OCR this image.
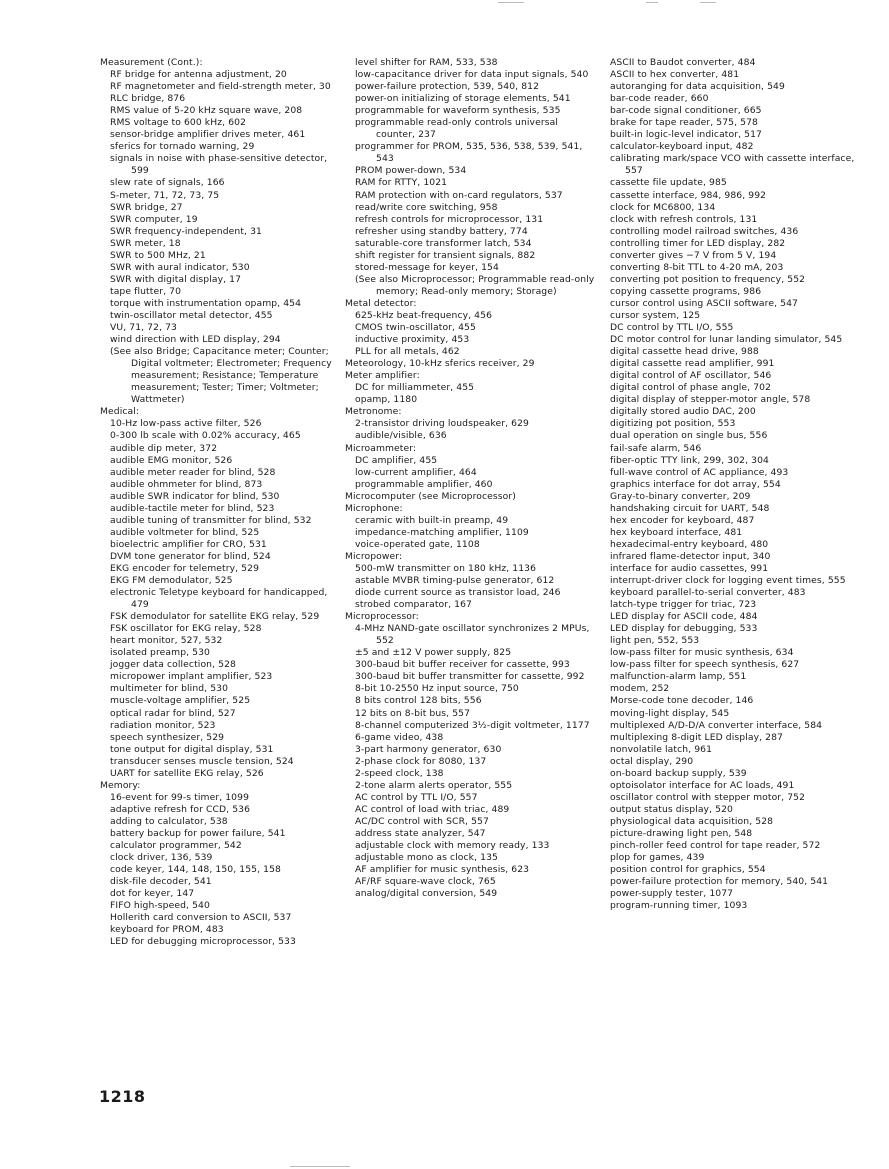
Measurement (Cont.):
RF bridge for antenna adjustment, 20
RF magnetometer and field-strength meter, 30
RLC bridge, 876
RMS value of 5-20 kHz square wave, 208
RMS voltage to 600 kHz, 602
sensor-bridge amplifier drives meter, 461
sferics for tornado warning, 29
signals in noise with phase-sensitive detector, 599
slew rate of signals, 166
S-meter, 71, 72, 73, 75
SWR bridge, 27
SWR computer, 19
SWR frequency-independent, 31
SWR meter, 18
SWR to 500 MHz, 21
SWR with aural indicator, 530
SWR with digital display, 17
tape flutter, 70
torque with instrumentation opamp, 454
twin-oscillator metal detector, 455
VU, 71, 72, 73
wind direction with LED display, 294
(See also Bridge; Capacitance meter; Counter; Digital voltmeter; Electrometer; Frequency measurement; Resistance; Temperature measurement; Tester; Timer; Voltmeter; Wattmeter)
Medical:
10-Hz low-pass active filter, 526
0-300 lb scale with 0.02% accuracy, 465
audible dip meter, 372
audible EMG monitor, 526
audible meter reader for blind, 528
audible ohmmeter for blind, 873
audible SWR indicator for blind, 530
audible-tactile meter for blind, 523
audible tuning of transmitter for blind, 532
audible voltmeter for blind, 525
bioelectric amplifier for CRO, 531
DVM tone generator for blind, 524
EKG encoder for telemetry, 529
EKG FM demodulator, 525
electronic Teletype keyboard for handicapped, 479
FSK demodulator for satellite EKG relay, 529
FSK oscillator for EKG relay, 528
heart monitor, 527, 532
isolated preamp, 530
jogger data collection, 528
micropower implant amplifier, 523
multimeter for blind, 530
muscle-voltage amplifier, 525
optical radar for blind, 527
radiation monitor, 523
speech synthesizer, 529
tone output for digital display, 531
transducer senses muscle tension, 524
UART for satellite EKG relay, 526
Memory:
16-event for 99-s timer, 1099
adaptive refresh for CCD, 536
adding to calculator, 538
battery backup for power failure, 541
calculator programmer, 542
clock driver, 136, 539
code keyer, 144, 148, 150, 155, 158
disk-file decoder, 541
dot for keyer, 147
FIFO high-speed, 540
Hollerith card conversion to ASCII, 537
keyboard for PROM, 483
LED for debugging microprocessor, 533
level shifter for RAM, 533, 538
low-capacitance driver for data input signals, 540
power-failure protection, 539, 540, 812
power-on initializing of storage elements, 541
programmable for waveform synthesis, 535
programmable read-only controls universal counter, 237
programmer for PROM, 535, 536, 538, 539, 541, 543
PROM power-down, 534
RAM for RTTY, 1021
RAM protection with on-card regulators, 537
read/write core switching, 958
refresh controls for microprocessor, 131
refresher using standby battery, 774
saturable-core transformer latch, 534
shift register for transient signals, 882
stored-message for keyer, 154
(See also Microprocessor; Programmable read-only memory; Read-only memory; Storage)
Metal detector:
625-kHz beat-frequency, 456
CMOS twin-oscillator, 455
inductive proximity, 453
PLL for all metals, 462
Meteorology, 10-kHz sferics receiver, 29
Meter amplifier:
DC for milliammeter, 455
opamp, 1180
Metronome:
2-transistor driving loudspeaker, 629
audible/visible, 636
Microammeter:
DC amplifier, 455
low-current amplifier, 464
programmable amplifier, 460
Microcomputer (see Microprocessor)
Microphone:
ceramic with built-in preamp, 49
impedance-matching amplifier, 1109
voice-operated gate, 1108
Micropower:
500-mW transmitter on 180 kHz, 1136
astable MVBR timing-pulse generator, 612
diode current source as transistor load, 246
strobed comparator, 167
Microprocessor:
4-MHz NAND-gate oscillator synchronizes 2 MPUs, 552
±5 and ±12 V power supply, 825
300-baud bit buffer receiver for cassette, 993
300-baud bit buffer transmitter for cassette, 992
8-bit 10-2550 Hz input source, 750
8 bits control 128 bits, 556
12 bits on 8-bit bus, 557
8-channel computerized 3½-digit voltmeter, 1177
6-game video, 438
3-part harmony generator, 630
2-phase clock for 8080, 137
2-speed clock, 138
2-tone alarm alerts operator, 555
AC control by TTL I/O, 557
AC control of load with triac, 489
AC/DC control with SCR, 557
address state analyzer, 547
adjustable clock with memory ready, 133
adjustable mono as clock, 135
AF amplifier for music synthesis, 623
AF/RF square-wave clock, 765
analog/digital conversion, 549
ASCII to Baudot converter, 484
ASCII to hex converter, 481
autoranging for data acquisition, 549
bar-code reader, 660
bar-code signal conditioner, 665
brake for tape reader, 575, 578
built-in logic-level indicator, 517
calculator-keyboard input, 482
calibrating mark/space VCO with cassette interface, 557
cassette file update, 985
cassette interface, 984, 986, 992
clock for MC6800, 134
clock with refresh controls, 131
controlling model railroad switches, 436
controlling timer for LED display, 282
converter gives −7 V from 5 V, 194
converting 8-bit TTL to 4-20 mA, 203
converting pot position to frequency, 552
copying cassette programs, 986
cursor control using ASCII software, 547
cursor system, 125
DC control by TTL I/O, 555
DC motor control for lunar landing simulator, 545
digital cassette head drive, 988
digital cassette read amplifier, 991
digital control of AF oscillator, 546
digital control of phase angle, 702
digital display of stepper-motor angle, 578
digitally stored audio DAC, 200
digitizing pot position, 553
dual operation on single bus, 556
fail-safe alarm, 546
fiber-optic TTY link, 299, 302, 304
full-wave control of AC appliance, 493
graphics interface for dot array, 554
Gray-to-binary converter, 209
handshaking circuit for UART, 548
hex encoder for keyboard, 487
hex keyboard interface, 481
hexadecimal-entry keyboard, 480
infrared flame-detector input, 340
interface for audio cassettes, 991
interrupt-driver clock for logging event times, 555
keyboard parallel-to-serial converter, 483
latch-type trigger for triac, 723
LED display for ASCII code, 484
LED display for debugging, 533
light pen, 552, 553
low-pass filter for music synthesis, 634
low-pass filter for speech synthesis, 627
malfunction-alarm lamp, 551
modem, 252
Morse-code tone decoder, 146
moving-light display, 545
multiplexed A/D-D/A converter interface, 584
multiplexing 8-digit LED display, 287
nonvolatile latch, 961
octal display, 290
on-board backup supply, 539
optoisolator interface for AC loads, 491
oscillator control with stepper motor, 752
output status display, 520
physiological data acquisition, 528
picture-drawing light pen, 548
pinch-roller feed control for tape reader, 572
plop for games, 439
position control for graphics, 554
power-failure protection for memory, 540, 541
power-supply tester, 1077
program-running timer, 1093
1218
